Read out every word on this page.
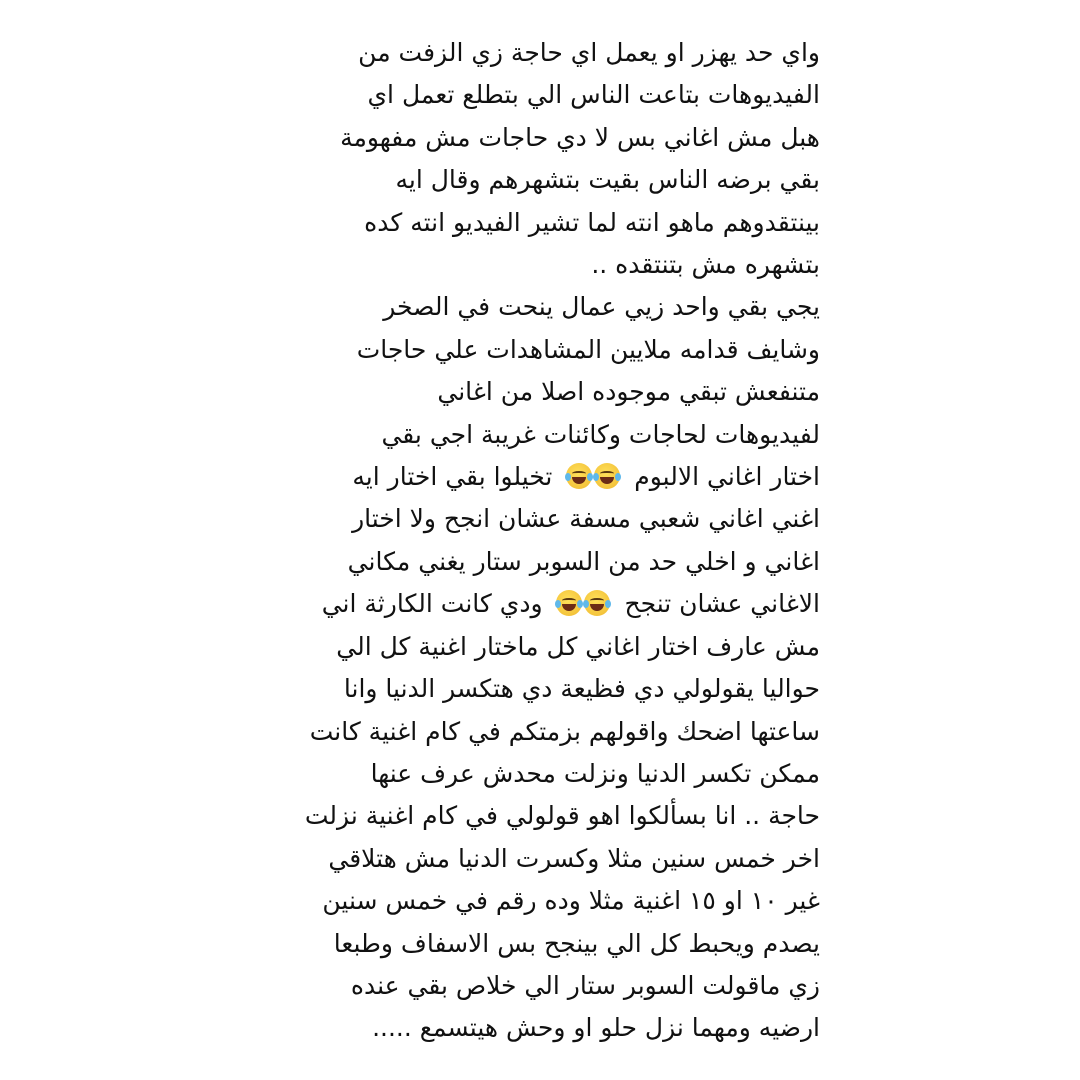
واي حد يهزر او يعمل اي حاجة زي الزفت من
الفيديوهات بتاعت الناس الي بتطلع تعمل اي
هبل مش اغاني بس لا دي حاجات مش مفهومة
بقي برضه الناس بقيت بتشهرهم وقال ايه
بينتقدوهم ماهو انته لما تشير الفيديو انته كده
بتشهره مش بتنتقده ..
يجي بقي واحد زيي عمال ينحت في الصخر
وشايف قدامه ملايين المشاهدات علي حاجات
متنفعش تبقي موجوده اصلا من اغاني
لفيديوهات لحاجات وكائنات غريبة اجي بقي
اختار اغاني الالبوم
تخيلوا بقي اختار ايه
اغني اغاني شعبي مسفة عشان انجح ولا اختار
اغاني و اخلي حد من السوبر ستار يغني مكاني
الاغاني عشان تنجح
ودي كانت الكارثة اني
مش عارف اختار اغاني كل ماختار اغنية كل الي
حواليا يقولولي دي فظيعة دي هتكسر الدنيا وانا
ساعتها اضحك واقولهم بزمتكم في كام اغنية كانت
ممكن تكسر الدنيا ونزلت محدش عرف عنها
حاجة .. انا بسألكوا اهو قولولي في كام اغنية نزلت
اخر خمس سنين مثلا وكسرت الدنيا مش هتلاقي
غير ١٠ او ١٥ اغنية مثلا وده رقم في خمس سنين
يصدم ويحبط كل الي بينجح بس الاسفاف وطبعا
زي ماقولت السوبر ستار الي خلاص بقي عنده
ارضيه ومهما نزل حلو او وحش هيتسمع .....
